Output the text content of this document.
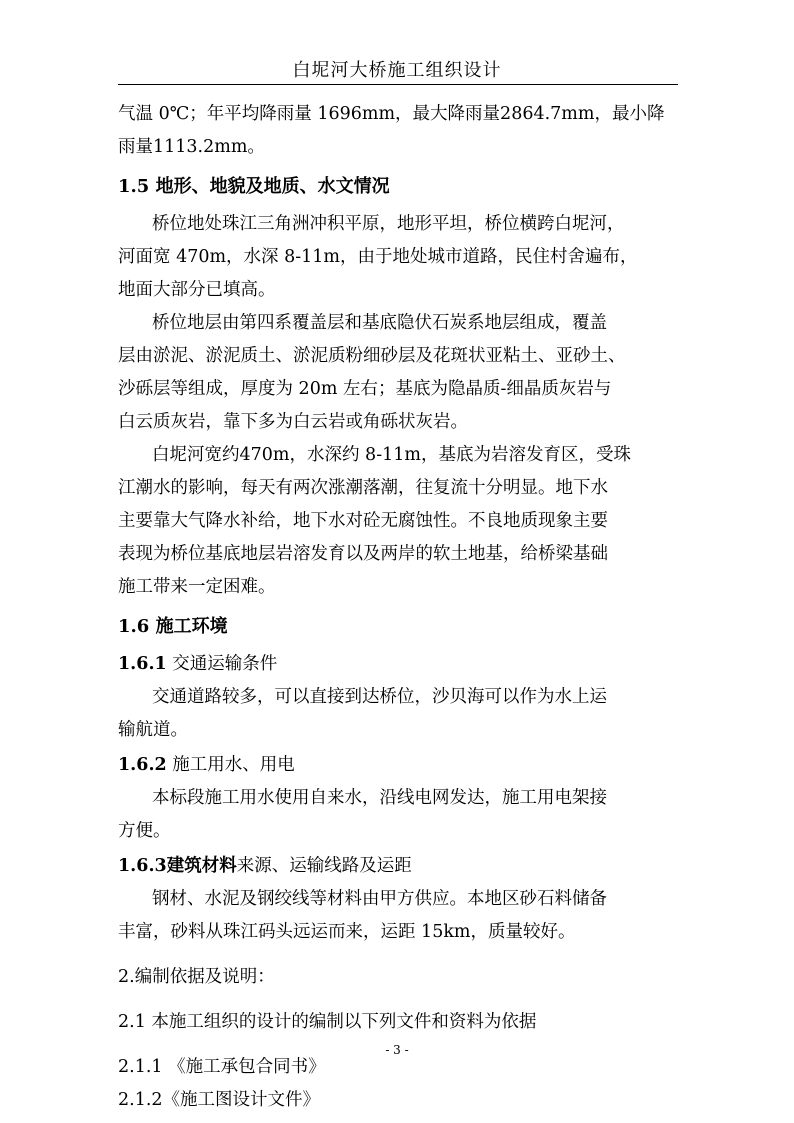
白坭河大桥施工组织设计

气温 0℃；年平均降雨量 1696mm，最大降雨量2864.7mm，最小降

雨量1113.2mm。

1.5 地形、地貌及地质、水文情况

桥位地处珠江三角洲冲积平原，地形平坦，桥位横跨白坭河，

河面宽 470m，水深 8-11m，由于地处城市道路，民住村舍遍布，

地面大部分已填高。

桥位地层由第四系覆盖层和基底隐伏石炭系地层组成，覆盖

层由淤泥、淤泥质土、淤泥质粉细砂层及花斑状亚粘土、亚砂土、

沙砾层等组成，厚度为 20m 左右；基底为隐晶质-细晶质灰岩与

白云质灰岩，靠下多为白云岩或角砾状灰岩。

白坭河宽约470m，水深约 8-11m，基底为岩溶发育区，受珠

江潮水的影响，每天有两次涨潮落潮，往复流十分明显。地下水

主要靠大气降水补给，地下水对砼无腐蚀性。不良地质现象主要

表现为桥位基底地层岩溶发育以及两岸的软土地基，给桥梁基础

施工带来一定困难。

1.6 施工环境

1.6.1 交通运输条件

交通道路较多，可以直接到达桥位，沙贝海可以作为水上运

输航道。

1.6.2 施工用水、用电

本标段施工用水使用自来水，沿线电网发达，施工用电架接

方便。

1.6.3建筑材料来源、运输线路及运距

钢材、水泥及钢绞线等材料由甲方供应。本地区砂石料储备

丰富，砂料从珠江码头远运而来，运距 15km，质量较好。

2.编制依据及说明：

2.1 本施工组织的设计的编制以下列文件和资料为依据

2.1.1 《施工承包合同书》

2.1.2《施工图设计文件》

- 3 -
